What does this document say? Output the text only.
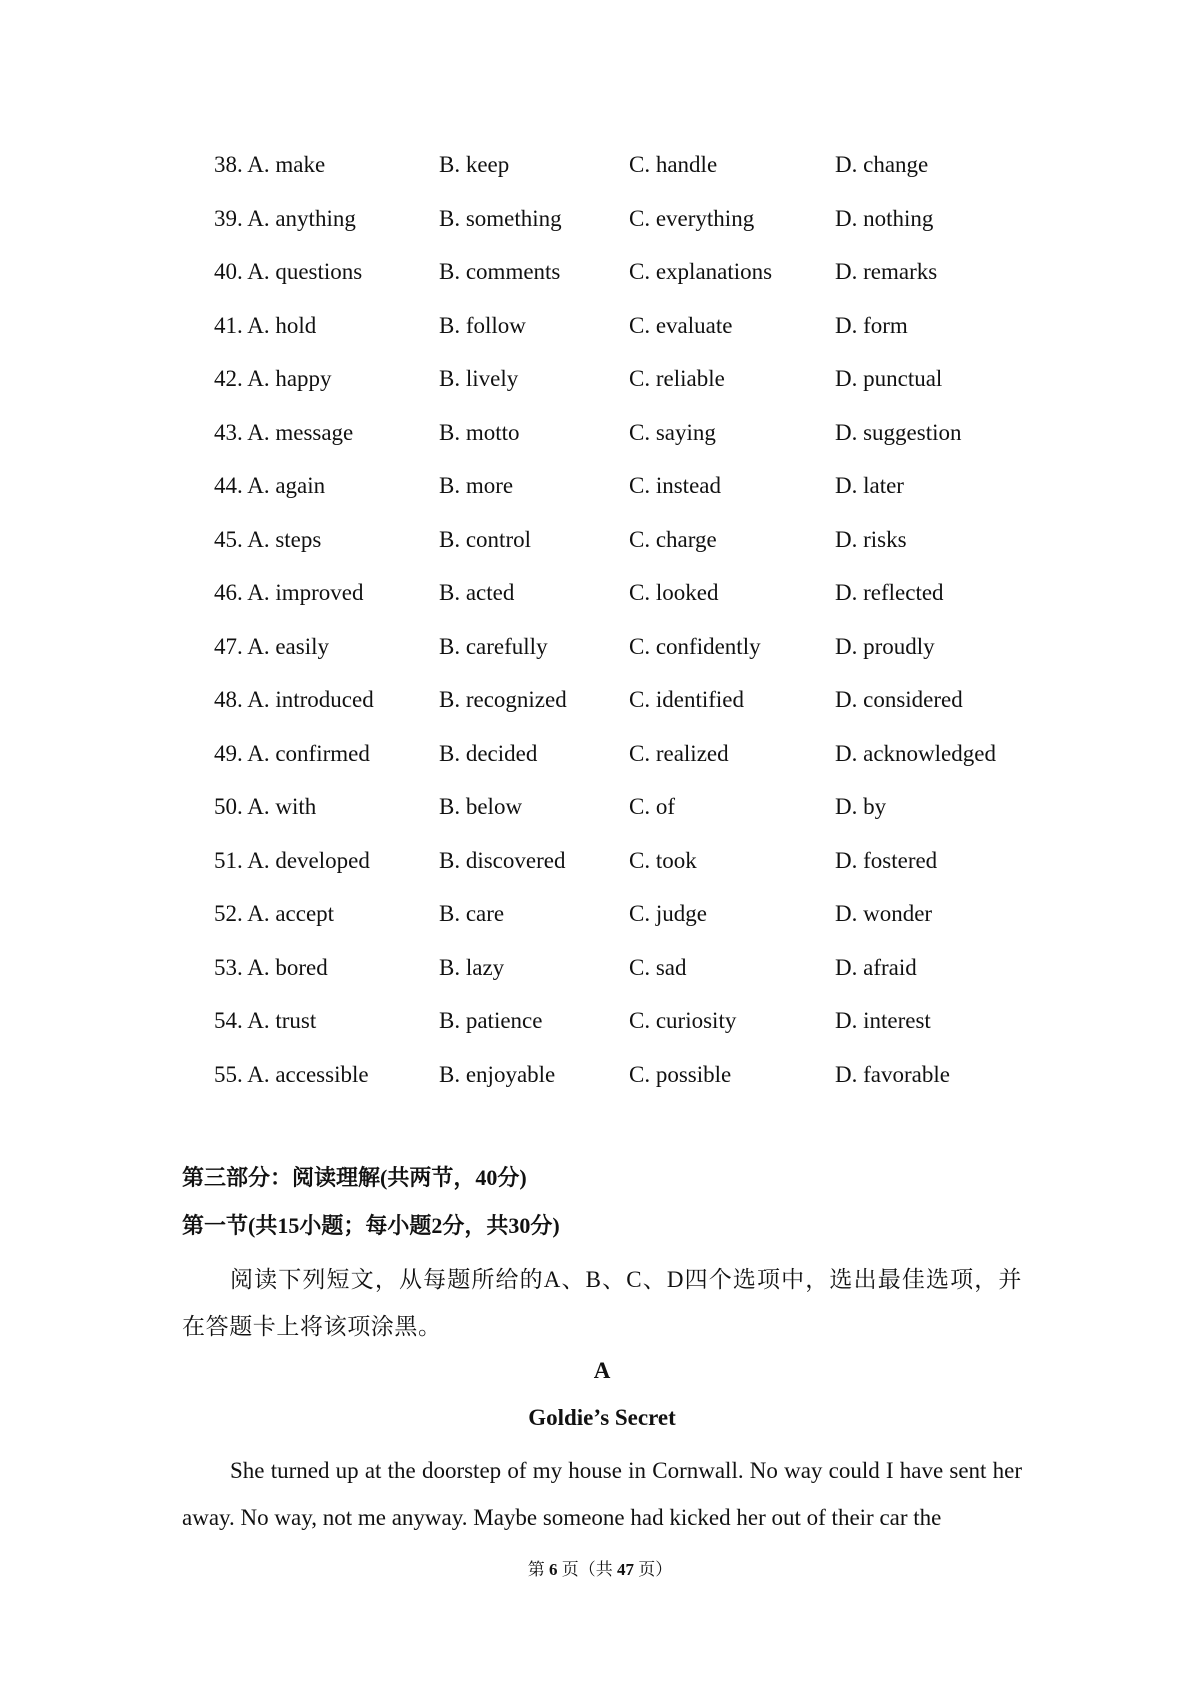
38. A. make	B. keep	C. handle	D. change
39. A. anything	B. something	C. everything	D. nothing
40. A. questions	B. comments	C. explanations	D. remarks
41. A. hold	B. follow	C. evaluate	D. form
42. A. happy	B. lively	C. reliable	D. punctual
43. A. message	B. motto	C. saying	D. suggestion
44. A. again	B. more	C. instead	D. later
45. A. steps	B. control	C. charge	D. risks
46. A. improved	B. acted	C. looked	D. reflected
47. A. easily	B. carefully	C. confidently	D. proudly
48. A. introduced	B. recognized	C. identified	D. considered
49. A. confirmed	B. decided	C. realized	D. acknowledged
50. A. with	B. below	C. of	D. by
51. A. developed	B. discovered	C. took	D. fostered
52. A. accept	B. care	C. judge	D. wonder
53. A. bored	B. lazy	C. sad	D. afraid
54. A. trust	B. patience	C. curiosity	D. interest
55. A. accessible	B. enjoyable	C. possible	D. favorable
第三部分：阅读理解(共两节，40分)
第一节(共15小题；每小题2分，共30分)
阅读下列短文，从每题所给的A、B、C、D四个选项中，选出最佳选项，并在答题卡上将该项涂黑。
A
Goldie’s Secret
She turned up at the doorstep of my house in Cornwall. No way could I have sent her away. No way, not me anyway. Maybe someone had kicked her out of their car the
第 6 页（共 47 页）
